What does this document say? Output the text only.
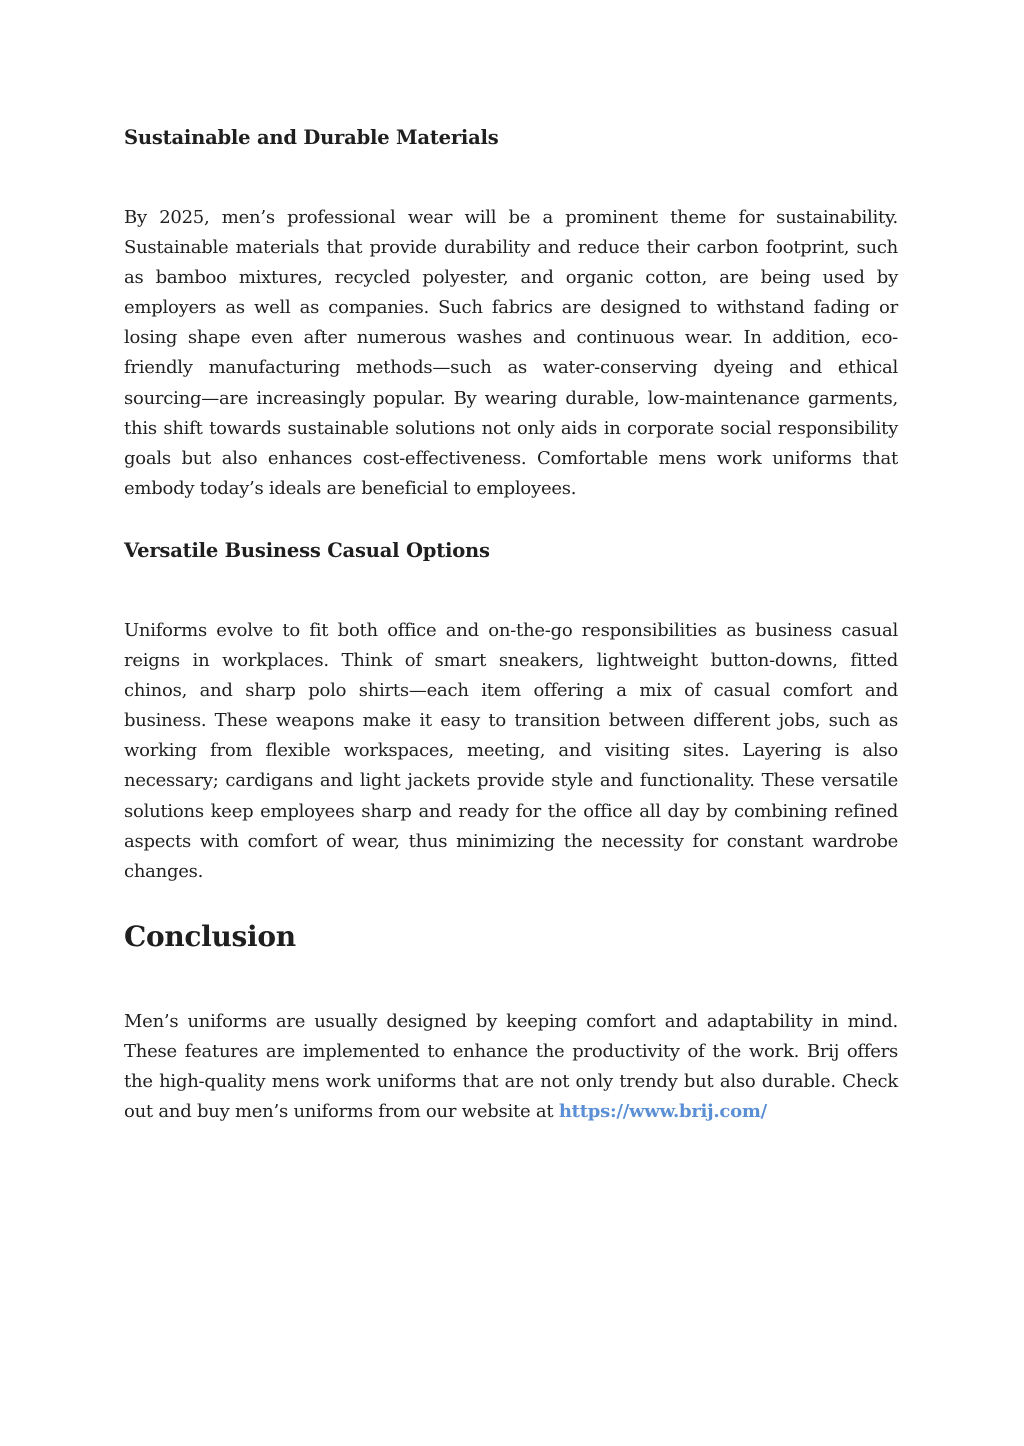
Sustainable and Durable Materials

By 2025, men’s professional wear will be a prominent theme for sustainability. Sustainable materials that provide durability and reduce their carbon footprint, such as bamboo mixtures, recycled polyester, and organic cotton, are being used by employers as well as companies. Such fabrics are designed to withstand fading or losing shape even after numerous washes and continuous wear. In addition, eco-friendly manufacturing methods—such as water-conserving dyeing and ethical sourcing—are increasingly popular. By wearing durable, low-maintenance garments, this shift towards sustainable solutions not only aids in corporate social responsibility goals but also enhances cost-effectiveness. Comfortable mens work uniforms that embody today’s ideals are beneficial to employees.

Versatile Business Casual Options

Uniforms evolve to fit both office and on-the-go responsibilities as business casual reigns in workplaces. Think of smart sneakers, lightweight button-downs, fitted chinos, and sharp polo shirts—each item offering a mix of casual comfort and business. These weapons make it easy to transition between different jobs, such as working from flexible workspaces, meeting, and visiting sites. Layering is also necessary; cardigans and light jackets provide style and functionality. These versatile solutions keep employees sharp and ready for the office all day by combining refined aspects with comfort of wear, thus minimizing the necessity for constant wardrobe changes.

Conclusion

Men’s uniforms are usually designed by keeping comfort and adaptability in mind. These features are implemented to enhance the productivity of the work. Brij offers the high-quality mens work uniforms that are not only trendy but also durable. Check out and buy men’s uniforms from our website at https://www.brij.com/
